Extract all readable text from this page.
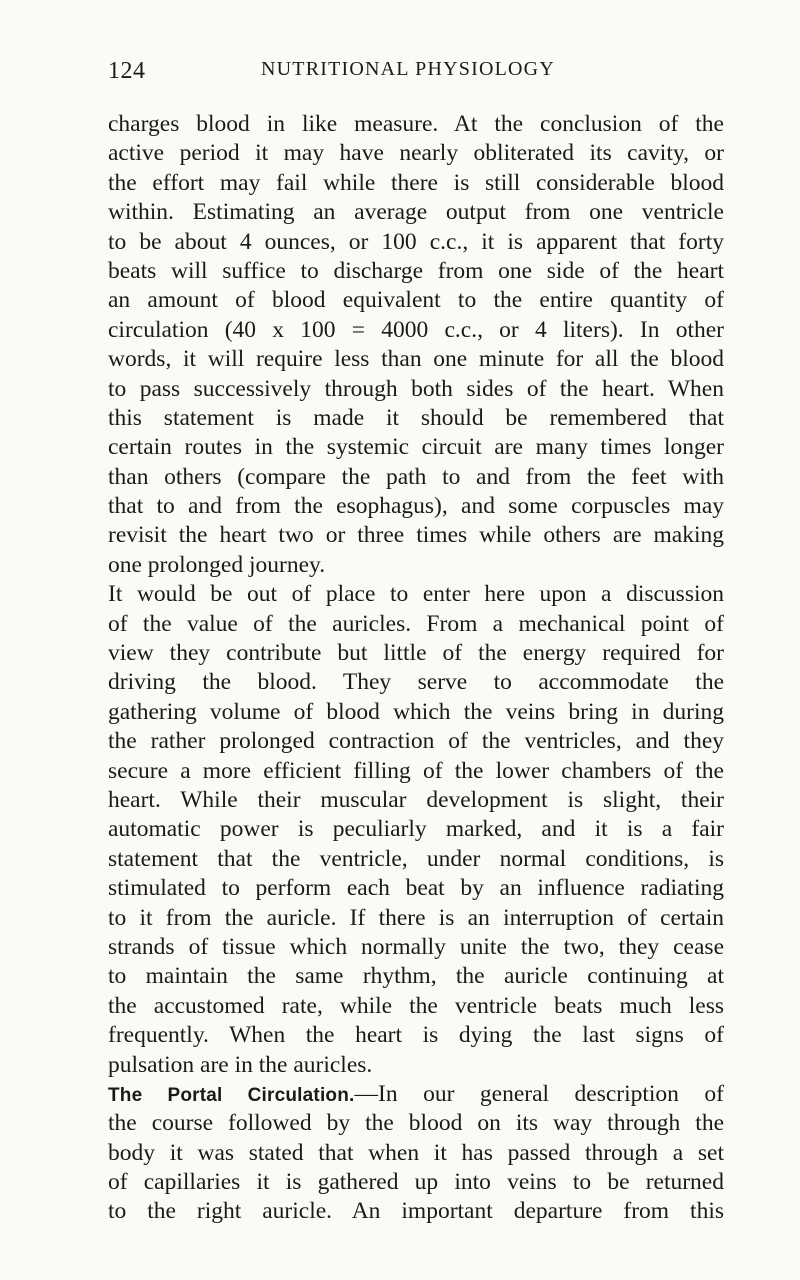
124	NUTRITIONAL PHYSIOLOGY
charges blood in like measure. At the conclusion of the
active period it may have nearly obliterated its cavity, or
the effort may fail while there is still considerable blood
within. Estimating an average output from one ventricle
to be about 4 ounces, or 100 c.c., it is apparent that forty
beats will suffice to discharge from one side of the heart
an amount of blood equivalent to the entire quantity of
circulation (40 x 100 = 4000 c.c., or 4 liters). In other
words, it will require less than one minute for all the blood
to pass successively through both sides of the heart. When
this statement is made it should be remembered that
certain routes in the systemic circuit are many times longer
than others (compare the path to and from the feet with
that to and from the esophagus), and some corpuscles may
revisit the heart two or three times while others are making
one prolonged journey.
It would be out of place to enter here upon a discussion
of the value of the auricles. From a mechanical point of
view they contribute but little of the energy required for
driving the blood. They serve to accommodate the
gathering volume of blood which the veins bring in during
the rather prolonged contraction of the ventricles, and they
secure a more efficient filling of the lower chambers of the
heart. While their muscular development is slight, their
automatic power is peculiarly marked, and it is a fair
statement that the ventricle, under normal conditions, is
stimulated to perform each beat by an influence radiating
to it from the auricle. If there is an interruption of certain
strands of tissue which normally unite the two, they cease
to maintain the same rhythm, the auricle continuing at
the accustomed rate, while the ventricle beats much less
frequently. When the heart is dying the last signs of
pulsation are in the auricles.
The Portal Circulation.—In our general description of
the course followed by the blood on its way through the
body it was stated that when it has passed through a set
of capillaries it is gathered up into veins to be returned
to the right auricle. An important departure from this
